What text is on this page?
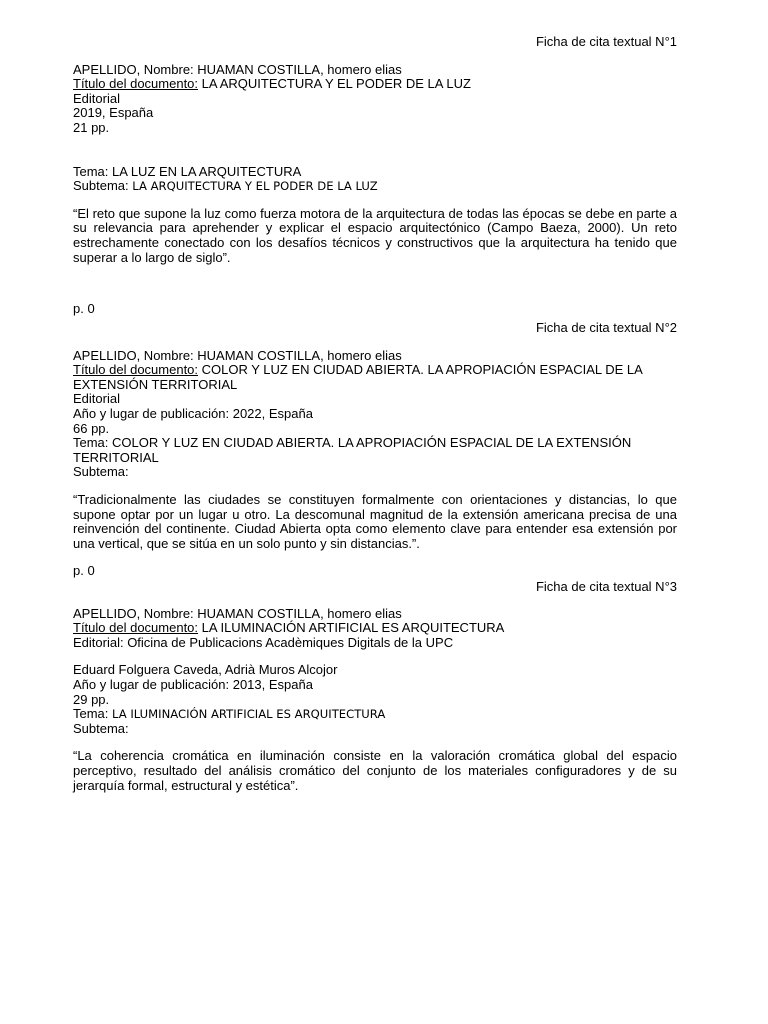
Ficha de cita textual N°1
APELLIDO, Nombre: HUAMAN COSTILLA, homero elias
Título del documento: LA ARQUITECTURA Y EL PODER DE LA LUZ
Editorial
2019, España
21 pp.
Tema: LA LUZ EN LA ARQUITECTURA
Subtema: LA ARQUITECTURA Y EL PODER DE LA LUZ
“El reto que supone la luz como fuerza motora de la arquitectura de todas las épocas se debe en parte a su relevancia para aprehender y explicar el espacio arquitectónico (Campo Baeza, 2000). Un reto estrechamente conectado con los desafíos técnicos y constructivos que la arquitectura ha tenido que superar a lo largo de siglo”.
p. 0
Ficha de cita textual N°2
APELLIDO, Nombre: HUAMAN COSTILLA, homero elias
Título del documento: COLOR Y LUZ EN CIUDAD ABIERTA. LA APROPIACIÓN ESPACIAL DE LA EXTENSIÓN TERRITORIAL
Editorial
Año y lugar de publicación: 2022, España
66 pp.
Tema: COLOR Y LUZ EN CIUDAD ABIERTA. LA APROPIACIÓN ESPACIAL DE LA EXTENSIÓN TERRITORIAL
Subtema:
“Tradicionalmente las ciudades se constituyen formalmente con orientaciones y distancias, lo que supone optar por un lugar u otro. La descomunal magnitud de la extensión americana precisa de una reinvención del continente. Ciudad Abierta opta como elemento clave para entender esa extensión por una vertical, que se sitúa en un solo punto y sin distancias.”.
p. 0
Ficha de cita textual N°3
APELLIDO, Nombre: HUAMAN COSTILLA, homero elias
Título del documento: LA ILUMINACIÓN ARTIFICIAL ES ARQUITECTURA
Editorial: Oficina de Publicacions Acadèmiques Digitals de la UPC
Eduard Folguera Caveda, Adrià Muros Alcojor
Año y lugar de publicación: 2013, España
29 pp.
Tema: LA ILUMINACIÓN ARTIFICIAL ES ARQUITECTURA
Subtema:
“La coherencia cromática en iluminación consiste en la valoración cromática global del espacio perceptivo, resultado del análisis cromático del conjunto de los materiales configuradores y de su jerarquía formal, estructural y estética”.
